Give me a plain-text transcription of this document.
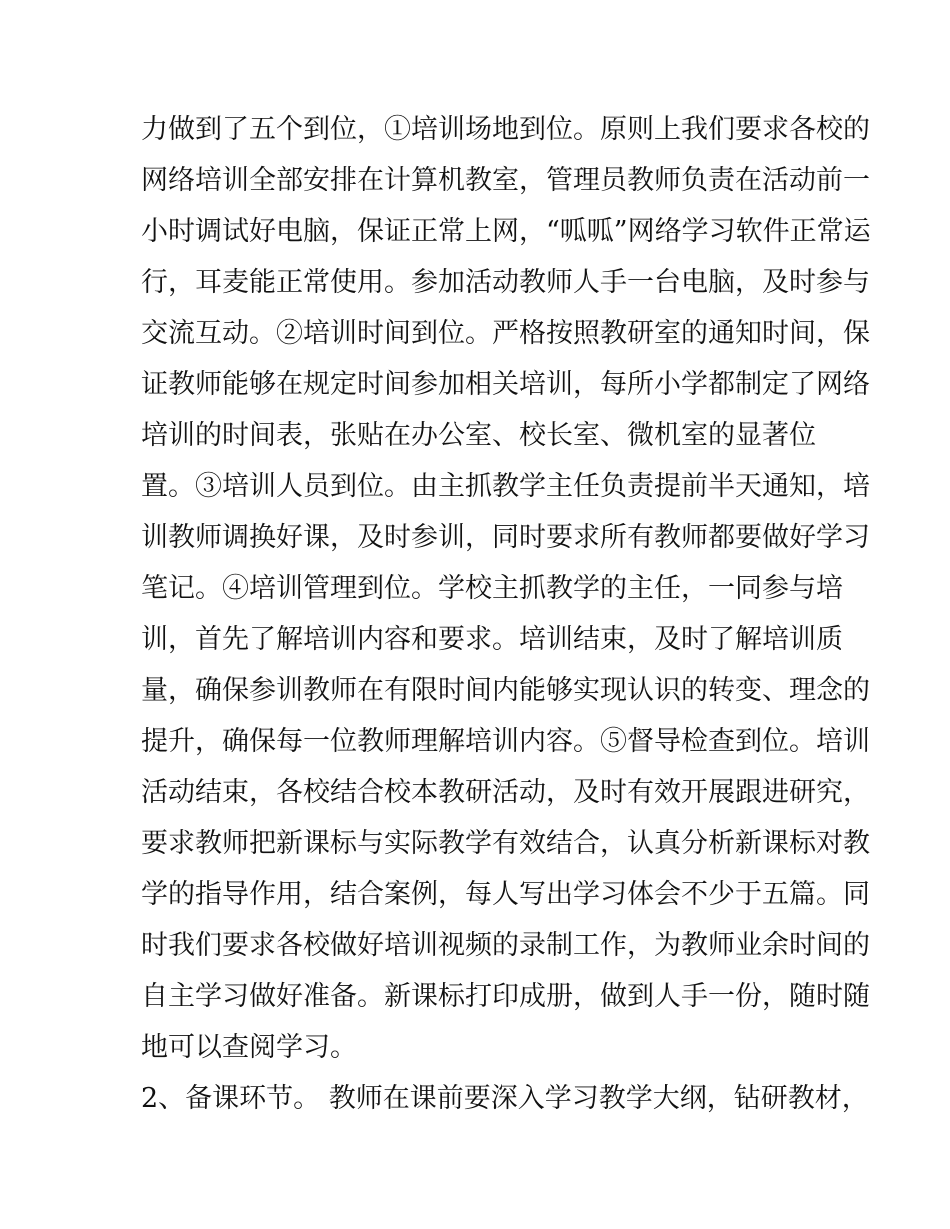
力做到了五个到位，①培训场地到位。原则上我们要求各校的
网络培训全部安排在计算机教室，管理员教师负责在活动前一
小时调试好电脑，保证正常上网，“呱呱”网络学习软件正常运
行，耳麦能正常使用。参加活动教师人手一台电脑，及时参与
交流互动。②培训时间到位。严格按照教研室的通知时间，保
证教师能够在规定时间参加相关培训，每所小学都制定了网络
培训的时间表，张贴在办公室、校长室、微机室的显著位
置。③培训人员到位。由主抓教学主任负责提前半天通知，培
训教师调换好课，及时参训，同时要求所有教师都要做好学习
笔记。④培训管理到位。学校主抓教学的主任，一同参与培
训，首先了解培训内容和要求。培训结束，及时了解培训质
量，确保参训教师在有限时间内能够实现认识的转变、理念的
提升，确保每一位教师理解培训内容。⑤督导检查到位。培训
活动结束，各校结合校本教研活动，及时有效开展跟进研究，
要求教师把新课标与实际教学有效结合，认真分析新课标对教
学的指导作用，结合案例，每人写出学习体会不少于五篇。同
时我们要求各校做好培训视频的录制工作，为教师业余时间的
自主学习做好准备。新课标打印成册，做到人手一份，随时随
地可以查阅学习。
2、备课环节。 教师在课前要深入学习教学大纲，钻研教材，
